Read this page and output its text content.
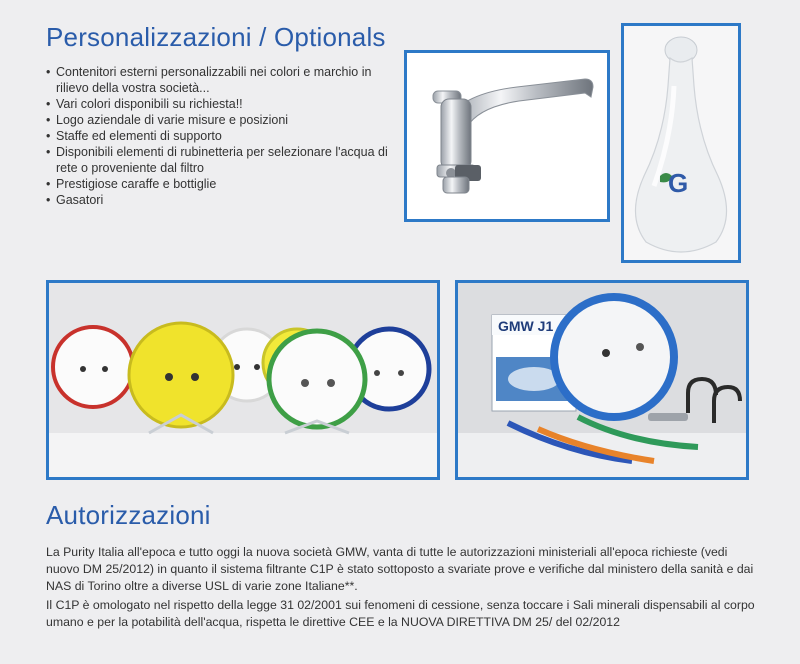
Personalizzazioni / Optionals
• Contenitori esterni personalizzabili nei colori e marchio in rilievo della vostra società...
• Vari colori disponibili su richiesta!!
• Logo aziendale di varie misure e posizioni
• Staffe ed elementi di supporto
• Disponibili elementi di rubinetteria per selezionare l'acqua di rete o proveniente dal filtro
• Prestigiose caraffe e bottiglie
• Gasatori
G
GMW J1
Autorizzazioni

La Purity Italia all'epoca e tutto oggi la nuova società GMW, vanta di tutte le autorizzazioni ministeriali all'epoca richieste (vedi nuovo DM 25/2012) in quanto il sistema filtrante C1P è stato sottoposto a svariate prove e verifiche dal ministero della sanità e dai NAS di Torino oltre a diverse USL di varie zone Italiane**.

Il C1P è omologato nel rispetto della legge 31 02/2001 sui fenomeni di cessione, senza toccare i Sali minerali dispensabili al corpo umano e per la potabilità dell'acqua, rispetta le direttive CEE e la NUOVA DIRETTIVA DM 25/ del 02/2012
